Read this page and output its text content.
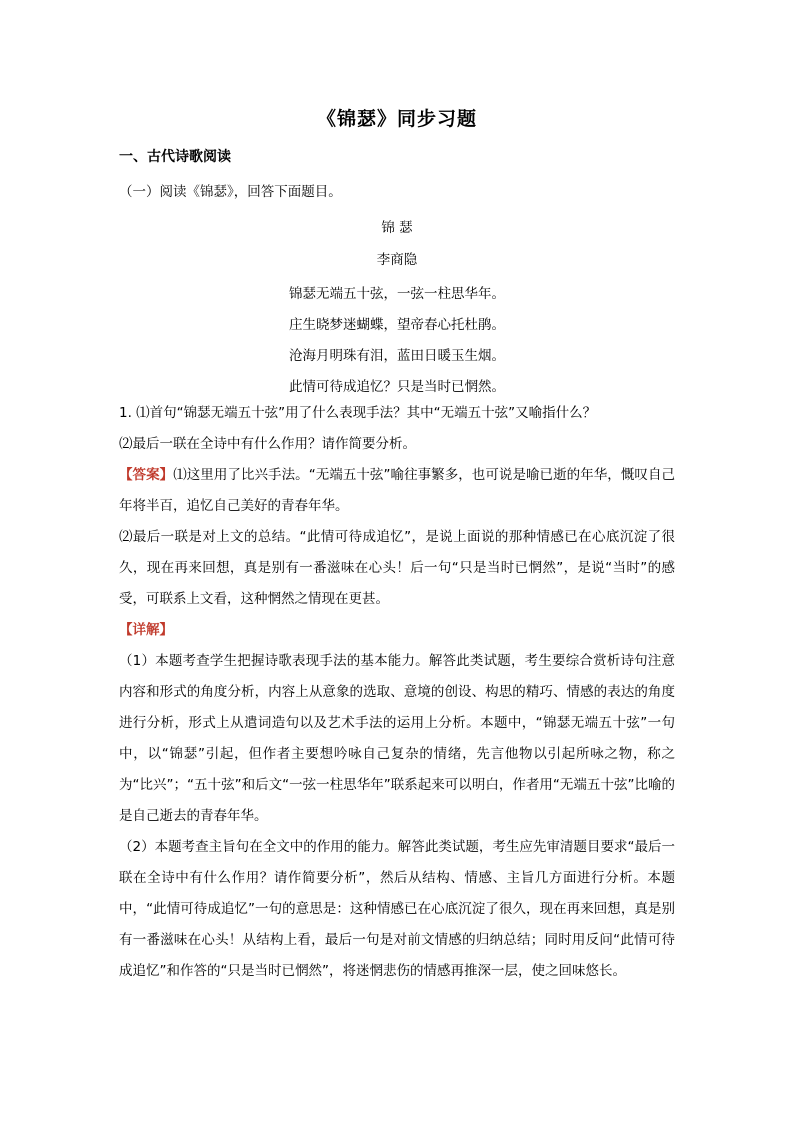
《锦瑟》同步习题
一、古代诗歌阅读
（一）阅读《锦瑟》，回答下面题目。
锦 瑟
李商隐
锦瑟无端五十弦，一弦一柱思华年。
庄生晓梦迷蝴蝶，望帝春心托杜鹃。
沧海月明珠有泪，蓝田日暖玉生烟。
此情可待成追忆？只是当时已惘然。
1. ⑴首句“锦瑟无端五十弦”用了什么表现手法？其中“无端五十弦”又喻指什么？
⑵最后一联在全诗中有什么作用？请作简要分析。
【答案】⑴这里用了比兴手法。“无端五十弦”喻往事繁多，也可说是喻已逝的年华，慨叹自己年将半百，追忆自己美好的青春年华。
⑵最后一联是对上文的总结。“此情可待成追忆”，是说上面说的那种情感已在心底沉淀了很久，现在再来回想，真是别有一番滋味在心头！后一句“只是当时已惘然”，是说“当时”的感受，可联系上文看，这种惘然之情现在更甚。
【详解】
（1）本题考查学生把握诗歌表现手法的基本能力。解答此类试题，考生要综合赏析诗句注意内容和形式的角度分析，内容上从意象的选取、意境的创设、构思的精巧、情感的表达的角度进行分析，形式上从遣词造句以及艺术手法的运用上分析。本题中，“锦瑟无端五十弦”一句中，以“锦瑟”引起，但作者主要想吟咏自己复杂的情绪，先言他物以引起所咏之物，称之为“比兴”；“五十弦”和后文“一弦一柱思华年”联系起来可以明白，作者用“无端五十弦”比喻的是自己逝去的青春年华。
（2）本题考查主旨句在全文中的作用的能力。解答此类试题，考生应先审清题目要求“最后一联在全诗中有什么作用？请作简要分析”，然后从结构、情感、主旨几方面进行分析。本题中，“此情可待成追忆”一句的意思是：这种情感已在心底沉淀了很久，现在再来回想，真是别有一番滋味在心头！从结构上看，最后一句是对前文情感的归纳总结；同时用反问“此情可待成追忆”和作答的“只是当时已惘然”，将迷惘悲伤的情感再推深一层，使之回味悠长。
